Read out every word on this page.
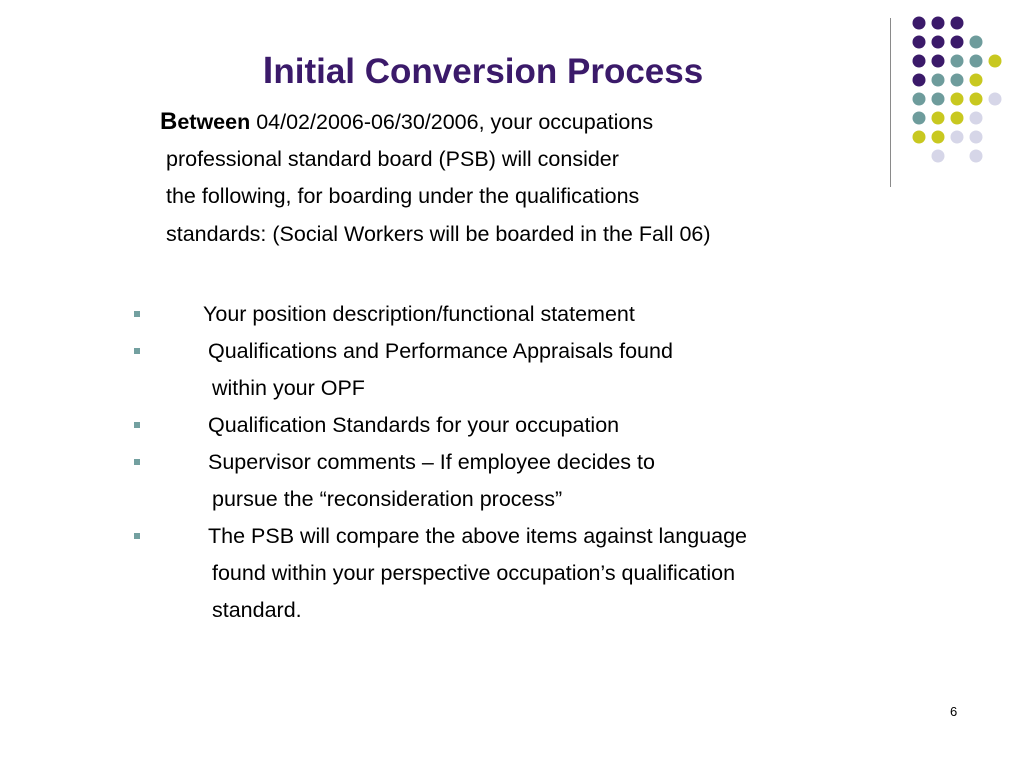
Initial Conversion Process
Between 04/02/2006-06/30/2006, your occupations
professional standard board (PSB) will consider
the following, for boarding under the qualifications
standards: (Social Workers will be boarded in the Fall 06)
Your position description/functional statement
Qualifications and Performance Appraisals found
within your OPF
Qualification Standards for your occupation
Supervisor comments – If employee decides to
pursue the “reconsideration process”
The PSB will compare the above items against language
found within your perspective occupation’s qualification
standard.
6
